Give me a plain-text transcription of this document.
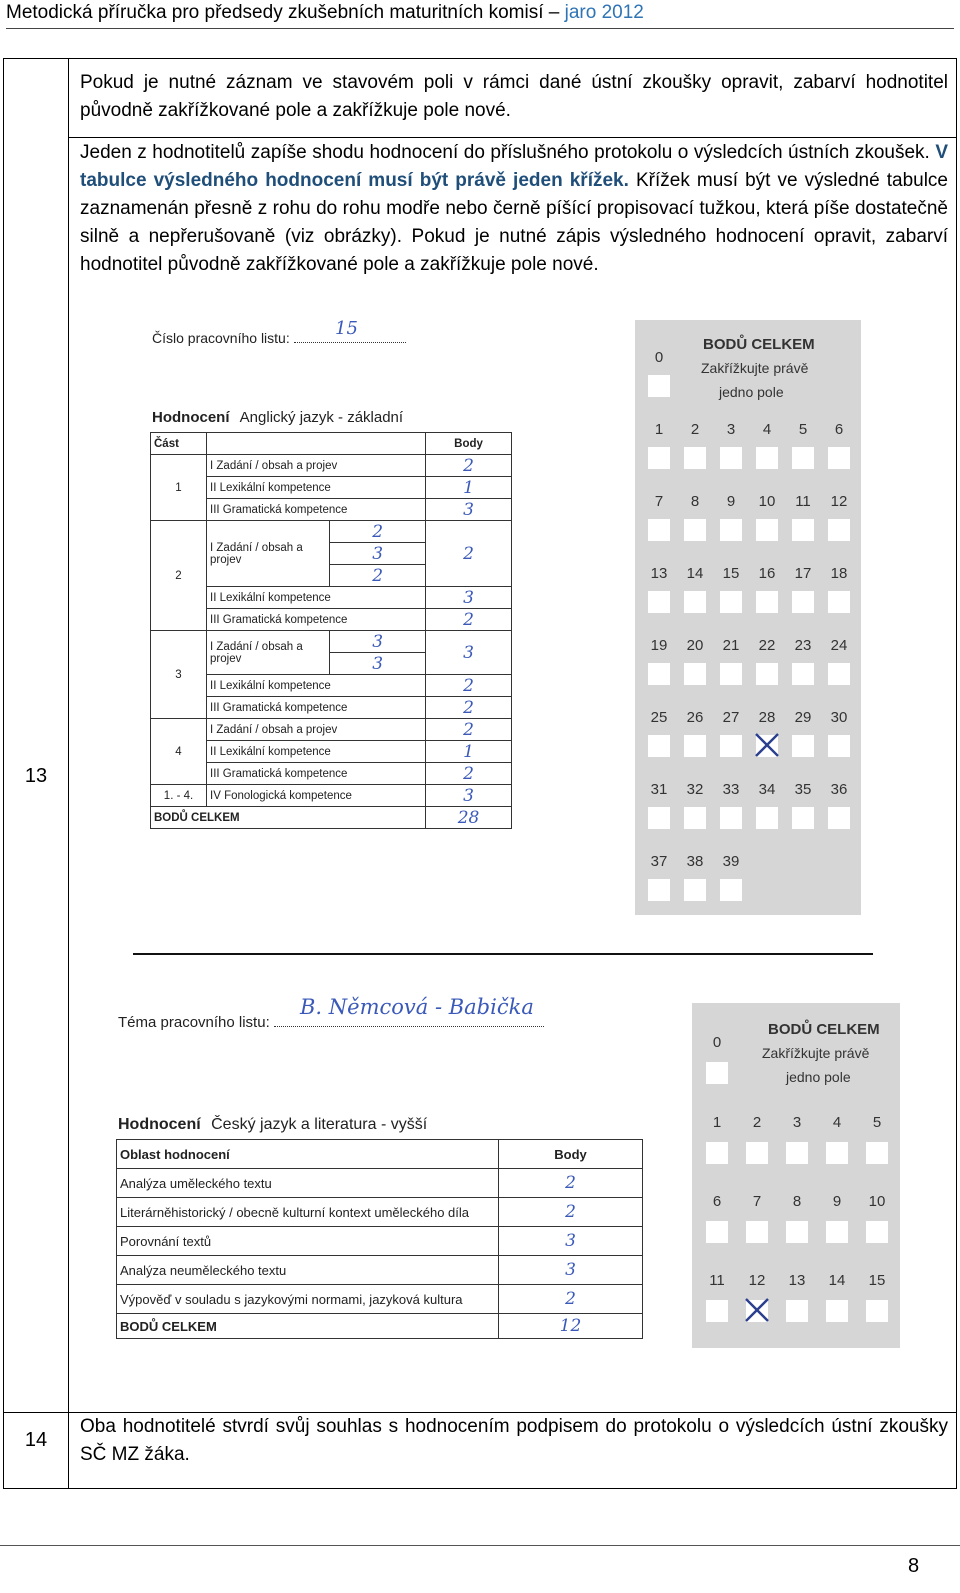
Metodická příručka pro předsedy zkušebních maturitních komisí – jaro 2012
13
14
Pokud je nutné záznam ve stavovém poli v rámci dané ústní zkoušky opravit, zabarví hodnotitel původně zakřížkované pole a zakřížkuje pole nové.
Jeden z hodnotitelů zapíše shodu hodnocení do příslušného protokolu o výsledcích ústních zkoušek. V tabulce výsledného hodnocení musí být právě jeden křížek. Křížek musí být ve výsledné tabulce zaznamenán přesně z rohu do rohu modře nebo černě píšící propisovací tužkou, která píše dostatečně silně a nepřerušovaně (viz obrázky). Pokud je nutné zápis výsledného hodnocení opravit, zabarví hodnotitel původně zakřížkované pole a zakřížkuje pole nové.
Oba hodnotitelé stvrdí svůj souhlas s hodnocením podpisem do protokolu o výsledcích ústní zkoušky SČ MZ žáka.
Číslo pracovního listu:	15
Hodnocení Anglický jazyk - základní
Část			Body
1	I Zadání / obsah a projev		2
	II Lexikální kompetence		1
	III Gramatická kompetence		3
2	I Zadání / obsah a projev	2	2
		3	
		2	
	II Lexikální kompetence		3
	III Gramatická kompetence		2
3	I Zadání / obsah a projev	3	3
		3	
	II Lexikální kompetence		2
	III Gramatická kompetence		2
4	I Zadání / obsah a projev		2
	II Lexikální kompetence		1
	III Gramatická kompetence		2
1. - 4.	IV Fonologická kompetence		3
BODŮ CELKEM			28
BODŮ CELKEM
Zakřížkujte právě
jedno pole
0
1	2	3	4	5	6
7	8	9	10 11 12
13 14 15 16 17 18
19 20 21 22 23 24
25 26 27 28 29 30
31 32 33 34 35 36
37 38 39
Téma pracovního listu:
B. Němcová - Babička
Hodnocení Český jazyk a literatura - vyšší
Oblast hodnocení	Body
Analýza uměleckého textu	2
Literárněhistorický / obecně kulturní kontext uměleckého díla	2
Porovnání textů	3
Analýza neuměleckého textu	3
Výpověď v souladu s jazykovými normami, jazyková kultura	2
BODŮ CELKEM	12
BODŮ CELKEM
Zakřížkujte právě
jedno pole
0
1	2	3	4	5
6	7	8	9	10
11 12 13 14 15
8
